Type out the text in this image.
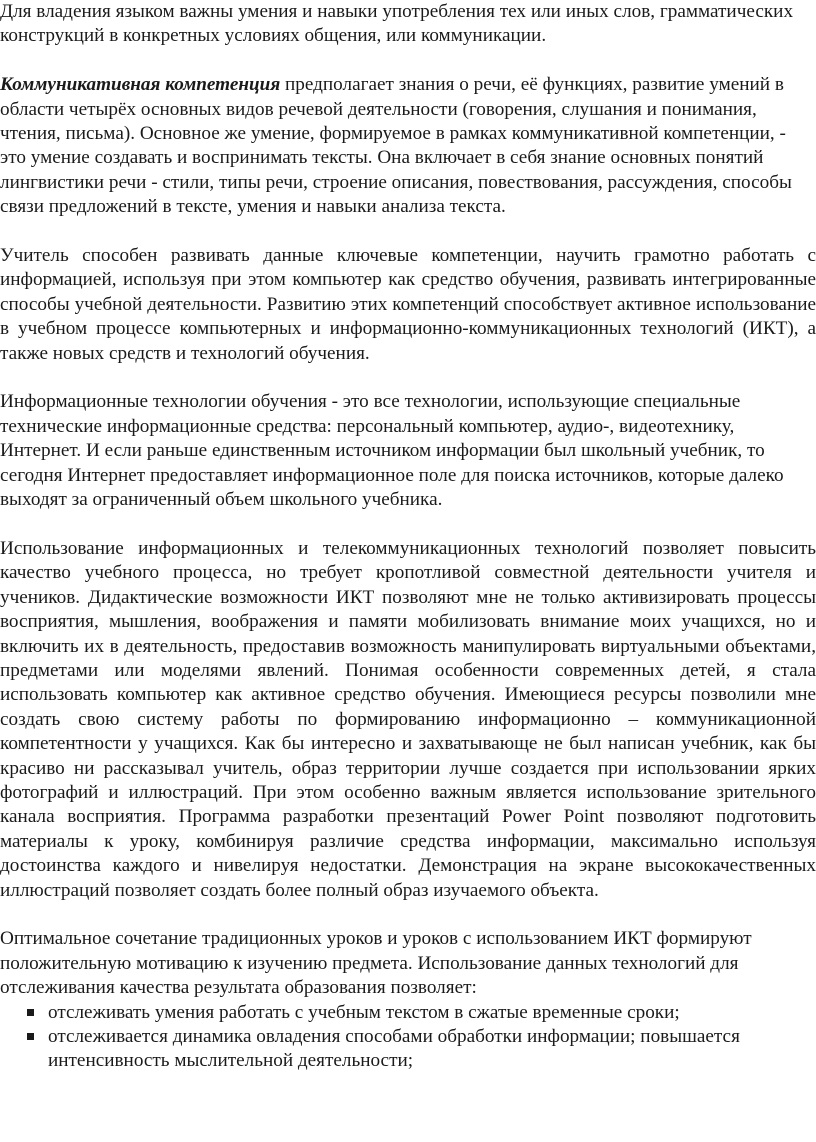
Для владения языком важны умения и навыки употребления тех или иных слов, грамматических конструкций в конкретных условиях общения, или коммуникации.

Коммуникативная компетенция предполагает знания о речи, её функциях, развитие умений в области четырёх основных видов речевой деятельности (говорения, слушания и понимания, чтения, письма). Основное же умение, формируемое в рамках коммуникативной компетенции, - это умение создавать и воспринимать тексты. Она включает в себя знание основных понятий лингвистики речи - стили, типы речи, строение описания, повествования, рассуждения, способы связи предложений в тексте, умения и навыки анализа текста.

Учитель способен развивать данные ключевые компетенции, научить грамотно работать с информацией, используя при этом компьютер как средство обучения, развивать интегрированные способы учебной деятельности. Развитию этих компетенций способствует активное использование в учебном процессе компьютерных и информационно-коммуникационных технологий (ИКТ), а также новых средств и технологий обучения.

Информационные технологии обучения - это все технологии, использующие специальные технические информационные средства: персональный компьютер, аудио-, видеотехнику, Интернет. И если раньше единственным источником информации был школьный учебник, то сегодня Интернет предоставляет информационное поле для поиска источников, которые далеко выходят за ограниченный объем школьного учебника.

Использование информационных и телекоммуникационных технологий позволяет повысить качество учебного процесса, но требует кропотливой совместной деятельности учителя и учеников. Дидактические возможности ИКТ позволяют мне не только активизировать процессы восприятия, мышления, воображения и памяти мобилизовать внимание моих учащихся, но и включить их в деятельность, предоставив возможность манипулировать виртуальными объектами, предметами или моделями явлений. Понимая особенности современных детей, я стала использовать компьютер как активное средство обучения. Имеющиеся ресурсы позволили мне создать свою систему работы по формированию информационно – коммуникационной компетентности у учащихся. Как бы интересно и захватывающе не был написан учебник, как бы красиво ни рассказывал учитель, образ территории лучше создается при использовании ярких фотографий и иллюстраций. При этом особенно важным является использование зрительного канала восприятия. Программа разработки презентаций Power Point позволяют подготовить материалы к уроку, комбинируя различие средства информации, максимально используя достоинства каждого и нивелируя недостатки. Демонстрация на экране высококачественных иллюстраций позволяет создать более полный образ изучаемого объекта.

Оптимальное сочетание традиционных уроков и уроков с использованием ИКТ формируют положительную мотивацию к изучению предмета. Использование данных технологий для отслеживания качества результата образования позволяет:

отслеживать умения работать с учебным текстом в сжатые временные сроки;
отслеживается динамика овладения способами обработки информации; повышается интенсивность мыслительной деятельности;
